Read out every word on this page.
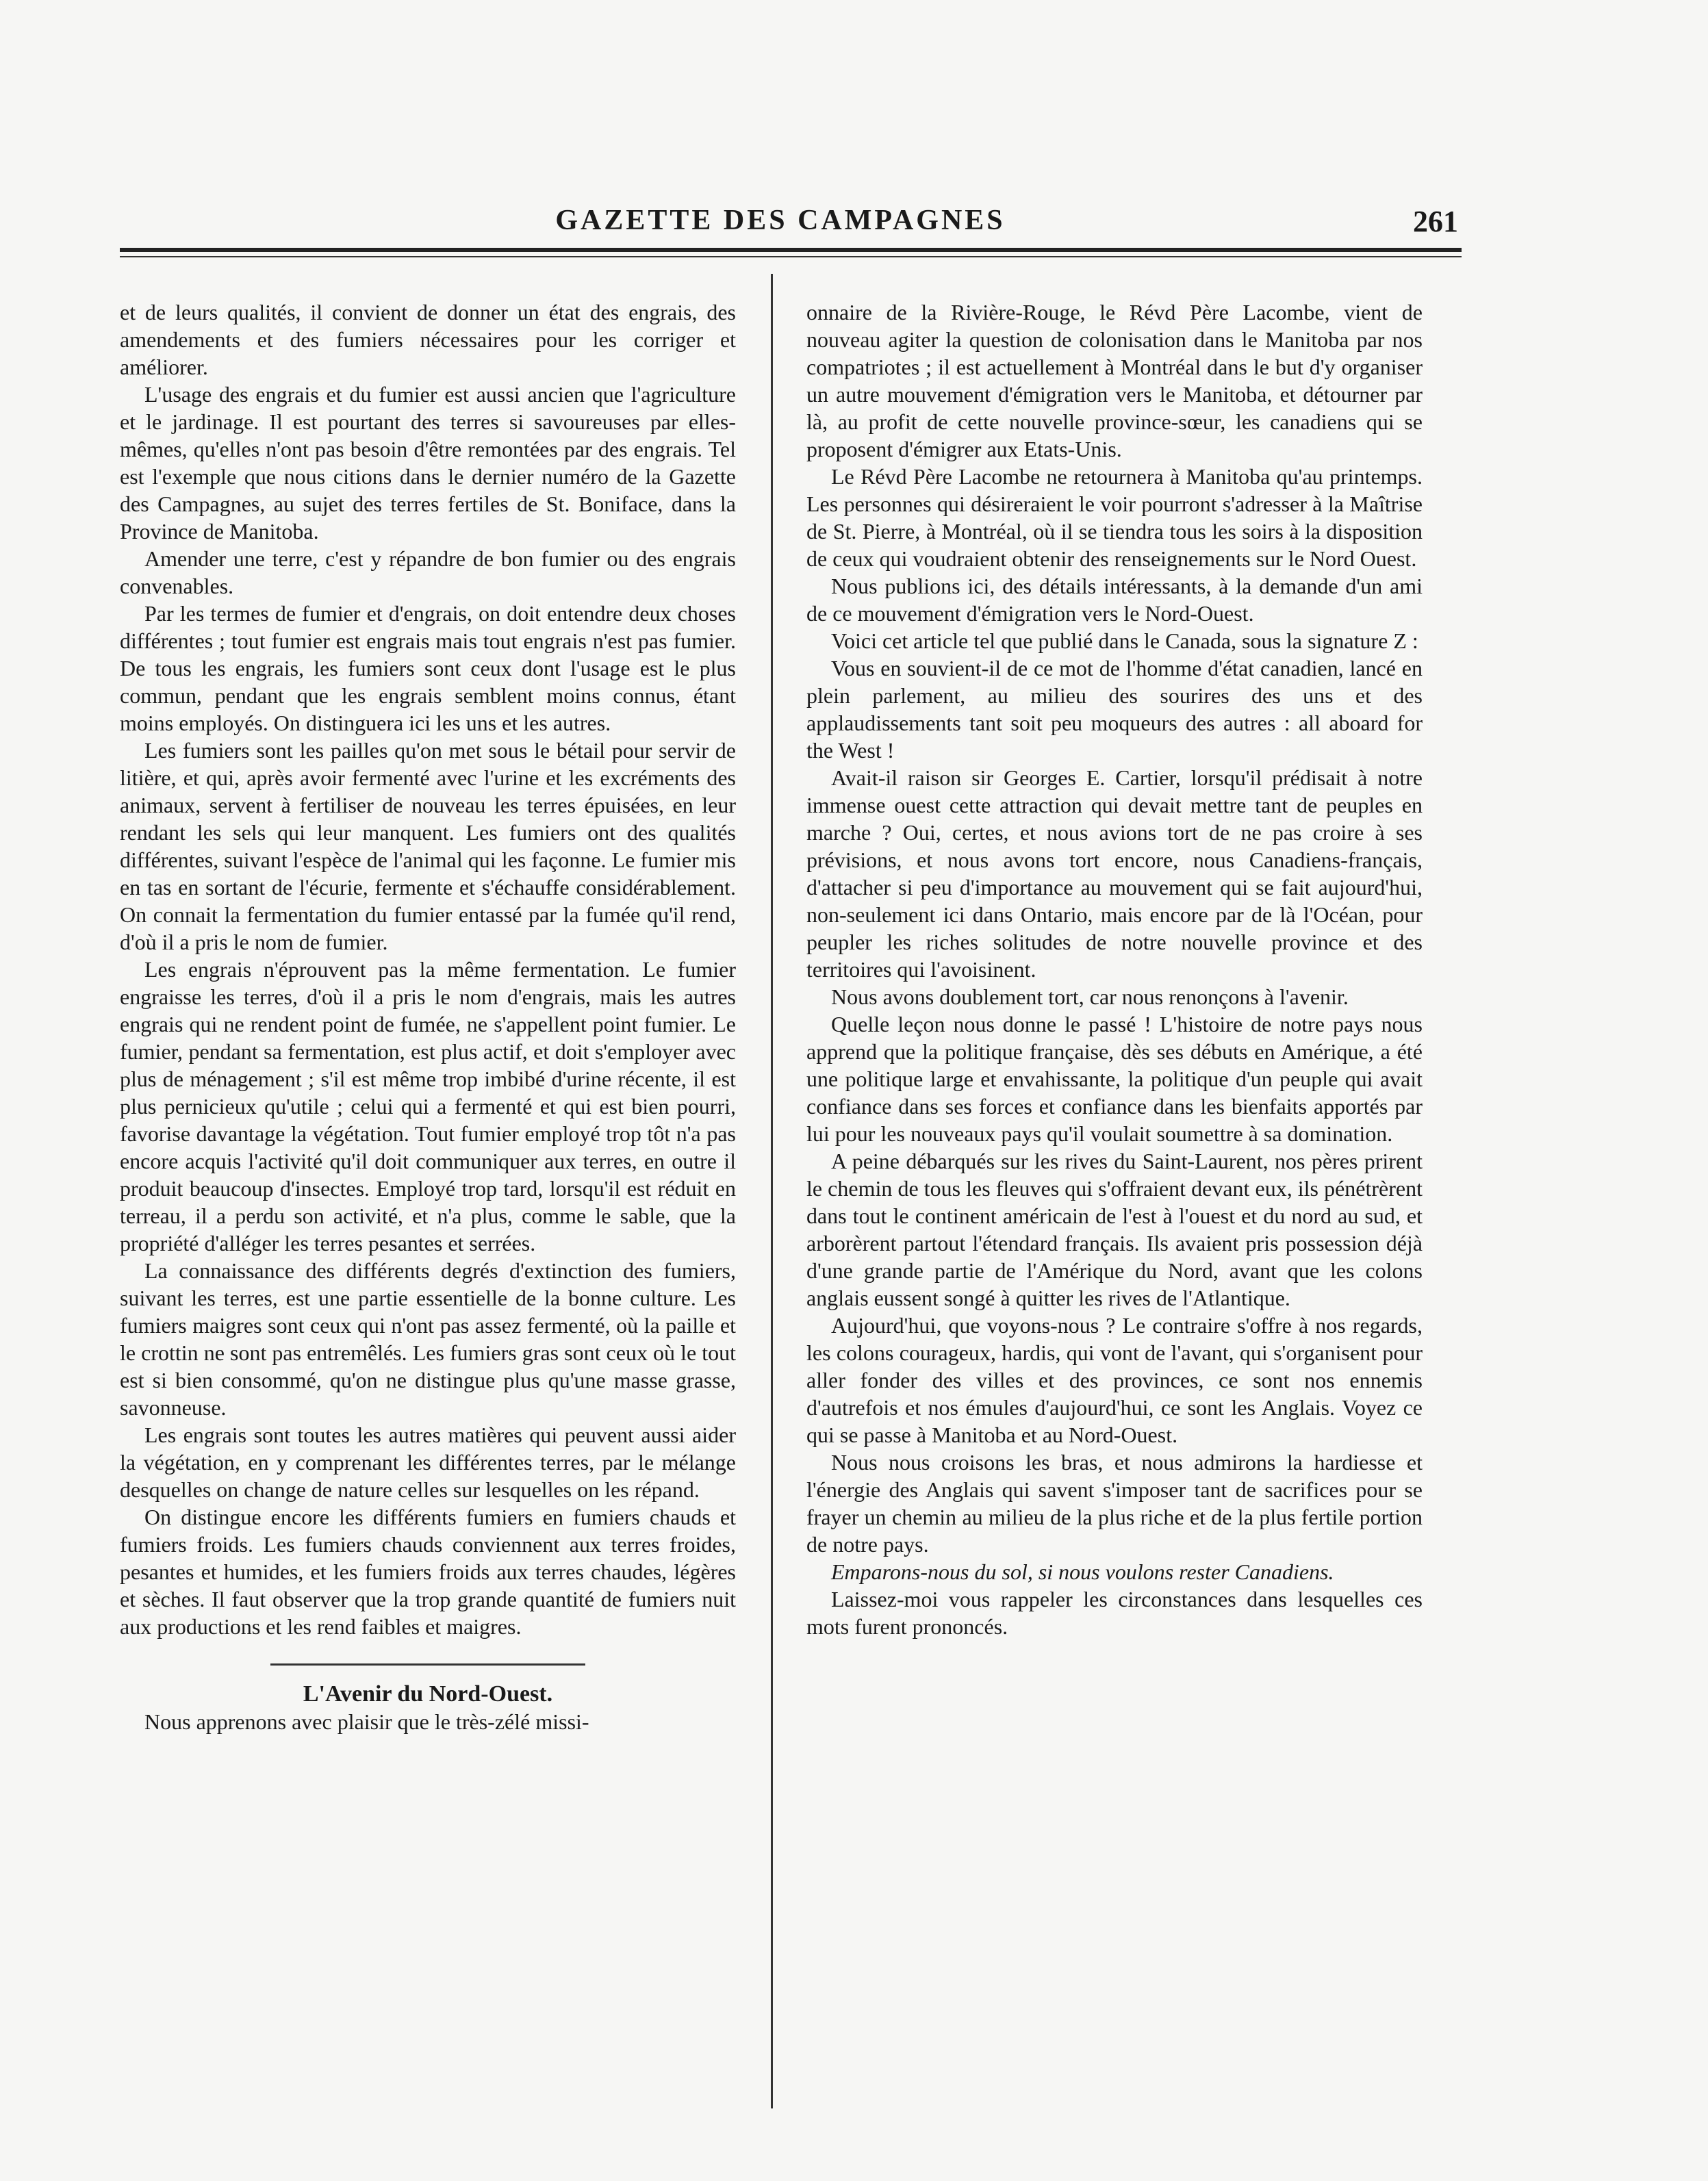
GAZETTE DES CAMPAGNES	261

et de leurs qualités, il convient de donner un état des engrais, des amendements et des fumiers nécessaires pour les corriger et améliorer.

L'usage des engrais et du fumier est aussi ancien que l'agriculture et le jardinage. Il est pourtant des terres si savoureuses par elles-mêmes, qu'elles n'ont pas besoin d'être remontées par des engrais. Tel est l'exemple que nous citions dans le dernier numéro de la Gazette des Campagnes, au sujet des terres fertiles de St. Boniface, dans la Province de Manitoba.

Amender une terre, c'est y répandre de bon fumier ou des engrais convenables.

Par les termes de fumier et d'engrais, on doit entendre deux choses différentes ; tout fumier est engrais mais tout engrais n'est pas fumier. De tous les engrais, les fumiers sont ceux dont l'usage est le plus commun, pendant que les engrais semblent moins connus, étant moins employés. On distinguera ici les uns et les autres.

Les fumiers sont les pailles qu'on met sous le bétail pour servir de litière, et qui, après avoir fermenté avec l'urine et les excréments des animaux, servent à fertiliser de nouveau les terres épuisées, en leur rendant les sels qui leur manquent. Les fumiers ont des qualités différentes, suivant l'espèce de l'animal qui les façonne. Le fumier mis en tas en sortant de l'écurie, fermente et s'échauffe considérablement. On connait la fermentation du fumier entassé par la fumée qu'il rend, d'où il a pris le nom de fumier.

Les engrais n'éprouvent pas la même fermentation. Le fumier engraisse les terres, d'où il a pris le nom d'engrais, mais les autres engrais qui ne rendent point de fumée, ne s'appellent point fumier. Le fumier, pendant sa fermentation, est plus actif, et doit s'employer avec plus de ménagement ; s'il est même trop imbibé d'urine récente, il est plus pernicieux qu'utile ; celui qui a fermenté et qui est bien pourri, favorise davantage la végétation. Tout fumier employé trop tôt n'a pas encore acquis l'activité qu'il doit communiquer aux terres, en outre il produit beaucoup d'insectes. Employé trop tard, lorsqu'il est réduit en terreau, il a perdu son activité, et n'a plus, comme le sable, que la propriété d'alléger les terres pesantes et serrées.

La connaissance des différents degrés d'extinction des fumiers, suivant les terres, est une partie essentielle de la bonne culture. Les fumiers maigres sont ceux qui n'ont pas assez fermenté, où la paille et le crottin ne sont pas entremêlés. Les fumiers gras sont ceux où le tout est si bien consommé, qu'on ne distingue plus qu'une masse grasse, savonneuse.

Les engrais sont toutes les autres matières qui peuvent aussi aider la végétation, en y comprenant les différentes terres, par le mélange desquelles on change de nature celles sur lesquelles on les répand.

On distingue encore les différents fumiers en fumiers chauds et fumiers froids. Les fumiers chauds conviennent aux terres froides, pesantes et humides, et les fumiers froids aux terres chaudes, légères et sèches. Il faut observer que la trop grande quantité de fumiers nuit aux productions et les rend faibles et maigres.

L'Avenir du Nord-Ouest.

Nous apprenons avec plaisir que le très-zélé missi-

onnaire de la Rivière-Rouge, le Révd Père Lacombe, vient de nouveau agiter la question de colonisation dans le Manitoba par nos compatriotes ; il est actuellement à Montréal dans le but d'y organiser un autre mouvement d'émigration vers le Manitoba, et détourner par là, au profit de cette nouvelle province-sœur, les canadiens qui se proposent d'émigrer aux Etats-Unis.

Le Révd Père Lacombe ne retournera à Manitoba qu'au printemps. Les personnes qui désireraient le voir pourront s'adresser à la Maîtrise de St. Pierre, à Montréal, où il se tiendra tous les soirs à la disposition de ceux qui voudraient obtenir des renseignements sur le Nord Ouest.

Nous publions ici, des détails intéressants, à la demande d'un ami de ce mouvement d'émigration vers le Nord-Ouest.

Voici cet article tel que publié dans le Canada, sous la signature Z :

Vous en souvient-il de ce mot de l'homme d'état canadien, lancé en plein parlement, au milieu des sourires des uns et des applaudissements tant soit peu moqueurs des autres : all aboard for the West !

Avait-il raison sir Georges E. Cartier, lorsqu'il prédisait à notre immense ouest cette attraction qui devait mettre tant de peuples en marche ? Oui, certes, et nous avions tort de ne pas croire à ses prévisions, et nous avons tort encore, nous Canadiens-français, d'attacher si peu d'importance au mouvement qui se fait aujourd'hui, non-seulement ici dans Ontario, mais encore par de là l'Océan, pour peupler les riches solitudes de notre nouvelle province et des territoires qui l'avoisinent.

Nous avons doublement tort, car nous renonçons à l'avenir.

Quelle leçon nous donne le passé ! L'histoire de notre pays nous apprend que la politique française, dès ses débuts en Amérique, a été une politique large et envahissante, la politique d'un peuple qui avait confiance dans ses forces et confiance dans les bienfaits apportés par lui pour les nouveaux pays qu'il voulait soumettre à sa domination.

A peine débarqués sur les rives du Saint-Laurent, nos pères prirent le chemin de tous les fleuves qui s'offraient devant eux, ils pénétrèrent dans tout le continent américain de l'est à l'ouest et du nord au sud, et arborèrent partout l'étendard français. Ils avaient pris possession déjà d'une grande partie de l'Amérique du Nord, avant que les colons anglais eussent songé à quitter les rives de l'Atlantique.

Aujourd'hui, que voyons-nous ? Le contraire s'offre à nos regards, les colons courageux, hardis, qui vont de l'avant, qui s'organisent pour aller fonder des villes et des provinces, ce sont nos ennemis d'autrefois et nos émules d'aujourd'hui, ce sont les Anglais. Voyez ce qui se passe à Manitoba et au Nord-Ouest.

Nous nous croisons les bras, et nous admirons la hardiesse et l'énergie des Anglais qui savent s'imposer tant de sacrifices pour se frayer un chemin au milieu de la plus riche et de la plus fertile portion de notre pays.

Emparons-nous du sol, si nous voulons rester Canadiens.

Laissez-moi vous rappeler les circonstances dans lesquelles ces mots furent prononcés.
